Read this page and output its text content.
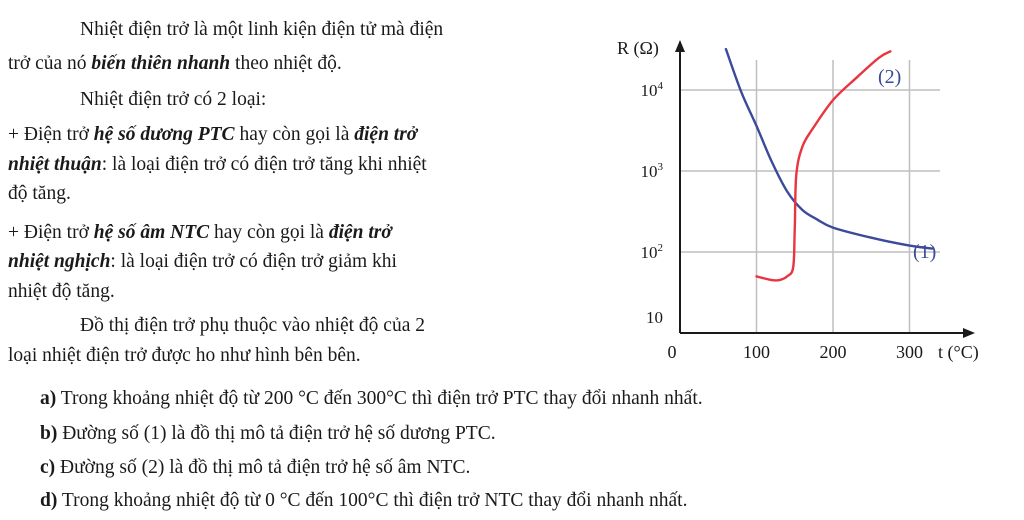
Nhiệt điện trở là một linh kiện điện tử mà điện
trở của nó biến thiên nhanh theo nhiệt độ.
Nhiệt điện trở có 2 loại:
+ Điện trở hệ số dương PTC hay còn gọi là điện trở
nhiệt thuận: là loại điện trở có điện trở tăng khi nhiệt
độ tăng.
+ Điện trở hệ số âm NTC hay còn gọi là điện trở
nhiệt nghịch: là loại điện trở có điện trở giảm khi
nhiệt độ tăng.
Đồ thị điện trở phụ thuộc vào nhiệt độ của 2
loại nhiệt điện trở được ho như hình bên bên.
R (Ω)
t (°C)
0	100	200	300
10
$10^2$
$10^3$
$10^4$
(1)
(2)
a) Trong khoảng nhiệt độ từ 200 °C đến 300°C thì điện trở PTC thay đổi nhanh nhất.
b) Đường số (1) là đồ thị mô tả điện trở hệ số dương PTC.
c) Đường số (2) là đồ thị mô tả điện trở hệ số âm NTC.
d) Trong khoảng nhiệt độ từ 0 °C đến 100°C thì điện trở NTC thay đổi nhanh nhất.
